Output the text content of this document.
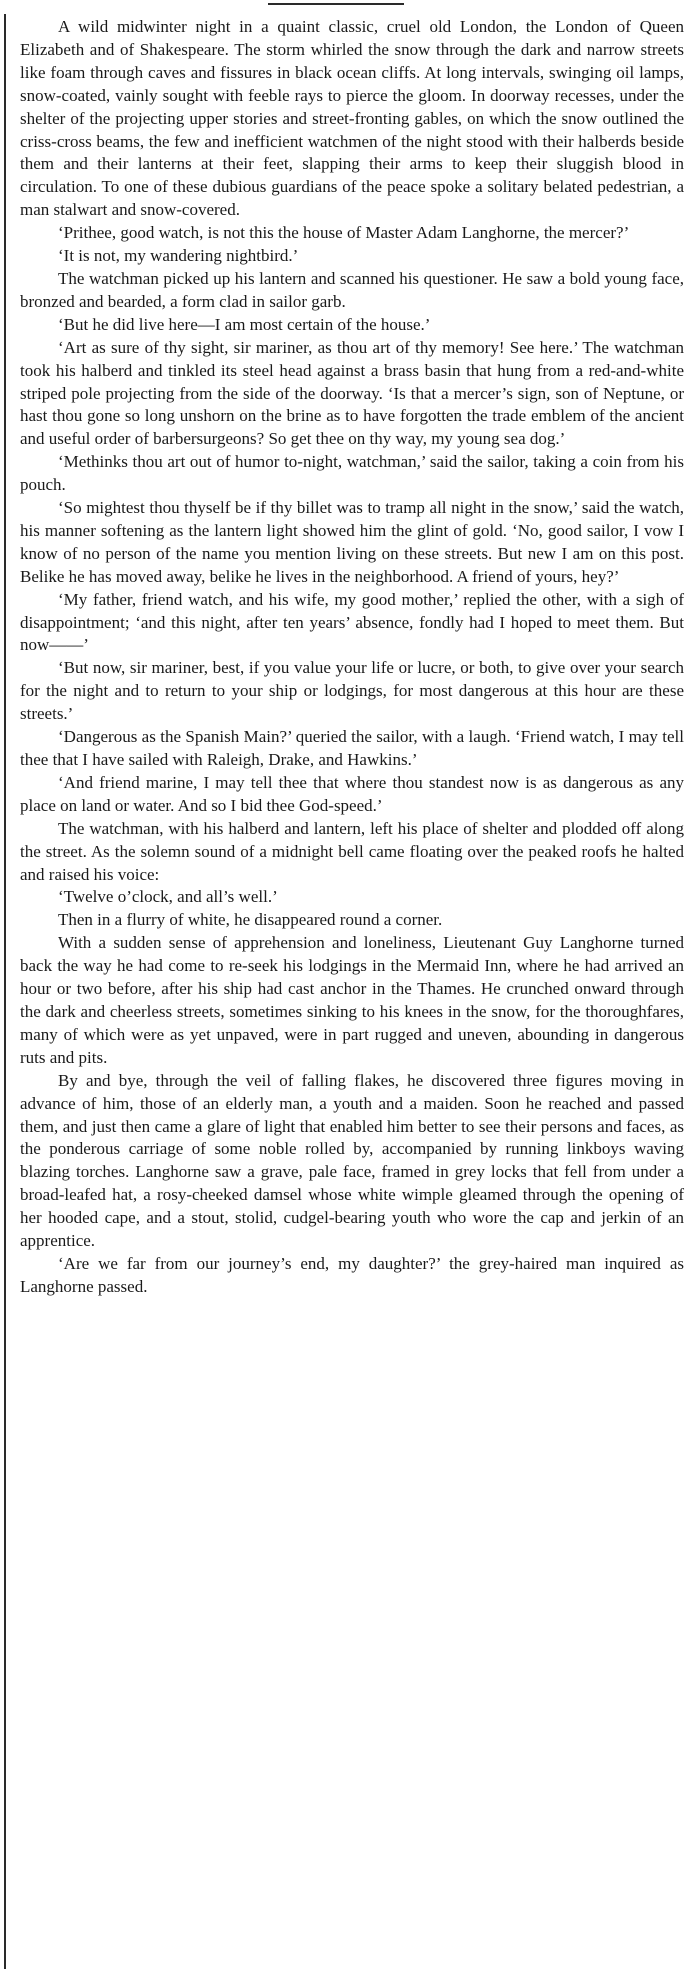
A wild midwinter night in a quaint classic, cruel old London, the London of Queen Elizabeth and of Shakespeare. The storm whirled the snow through the dark and narrow streets like foam through caves and fissures in black ocean cliffs. At long intervals, swinging oil lamps, snow-coated, vainly sought with feeble rays to pierce the gloom. In doorway recesses, under the shelter of the projecting upper stories and street-fronting gables, on which the snow outlined the criss-cross beams, the few and inefficient watchmen of the night stood with their halberds beside them and their lanterns at their feet, slapping their arms to keep their sluggish blood in circulation. To one of these dubious guardians of the peace spoke a solitary belated pedestrian, a man stalwart and snow-covered.

‘Prithee, good watch, is not this the house of Master Adam Langhorne, the mercer?’

‘It is not, my wandering nightbird.’

The watchman picked up his lantern and scanned his questioner. He saw a bold young face, bronzed and bearded, a form clad in sailor garb.

‘But he did live here—I am most certain of the house.’

‘Art as sure of thy sight, sir mariner, as thou art of thy memory! See here.’ The watchman took his halberd and tinkled its steel head against a brass basin that hung from a red-and-white striped pole projecting from the side of the doorway. ‘Is that a mercer’s sign, son of Neptune, or hast thou gone so long unshorn on the brine as to have forgotten the trade emblem of the ancient and useful order of barbersurgeons? So get thee on thy way, my young sea dog.’

‘Methinks thou art out of humor to-night, watchman,’ said the sailor, taking a coin from his pouch.

‘So mightest thou thyself be if thy billet was to tramp all night in the snow,’ said the watch, his manner softening as the lantern light showed him the glint of gold. ‘No, good sailor, I vow I know of no person of the name you mention living on these streets. But new I am on this post. Belike he has moved away, belike he lives in the neighborhood. A friend of yours, hey?’

‘My father, friend watch, and his wife, my good mother,’ replied the other, with a sigh of disappointment; ‘and this night, after ten years’ absence, fondly had I hoped to meet them. But now——’

‘But now, sir mariner, best, if you value your life or lucre, or both, to give over your search for the night and to return to your ship or lodgings, for most dangerous at this hour are these streets.’

‘Dangerous as the Spanish Main?’ queried the sailor, with a laugh. ‘Friend watch, I may tell thee that I have sailed with Raleigh, Drake, and Hawkins.’

‘And friend marine, I may tell thee that where thou standest now is as dangerous as any place on land or water. And so I bid thee God-speed.’

The watchman, with his halberd and lantern, left his place of shelter and plodded off along the street. As the solemn sound of a midnight bell came floating over the peaked roofs he halted and raised his voice:

‘Twelve o’clock, and all’s well.’

Then in a flurry of white, he disappeared round a corner.

With a sudden sense of apprehension and loneliness, Lieutenant Guy Langhorne turned back the way he had come to re-seek his lodgings in the Mermaid Inn, where he had arrived an hour or two before, after his ship had cast anchor in the Thames. He crunched onward through the dark and cheerless streets, sometimes sinking to his knees in the snow, for the thoroughfares, many of which were as yet unpaved, were in part rugged and uneven, abounding in dangerous ruts and pits.

By and bye, through the veil of falling flakes, he discovered three figures moving in advance of him, those of an elderly man, a youth and a maiden. Soon he reached and passed them, and just then came a glare of light that enabled him better to see their persons and faces, as the ponderous carriage of some noble rolled by, accompanied by running linkboys waving blazing torches. Langhorne saw a grave, pale face, framed in grey locks that fell from under a broad-leafed hat, a rosy-cheeked damsel whose white wimple gleamed through the opening of her hooded cape, and a stout, stolid, cudgel-bearing youth who wore the cap and jerkin of an apprentice.

‘Are we far from our journey’s end, my daughter?’ the grey-haired man inquired as Langhorne passed.
